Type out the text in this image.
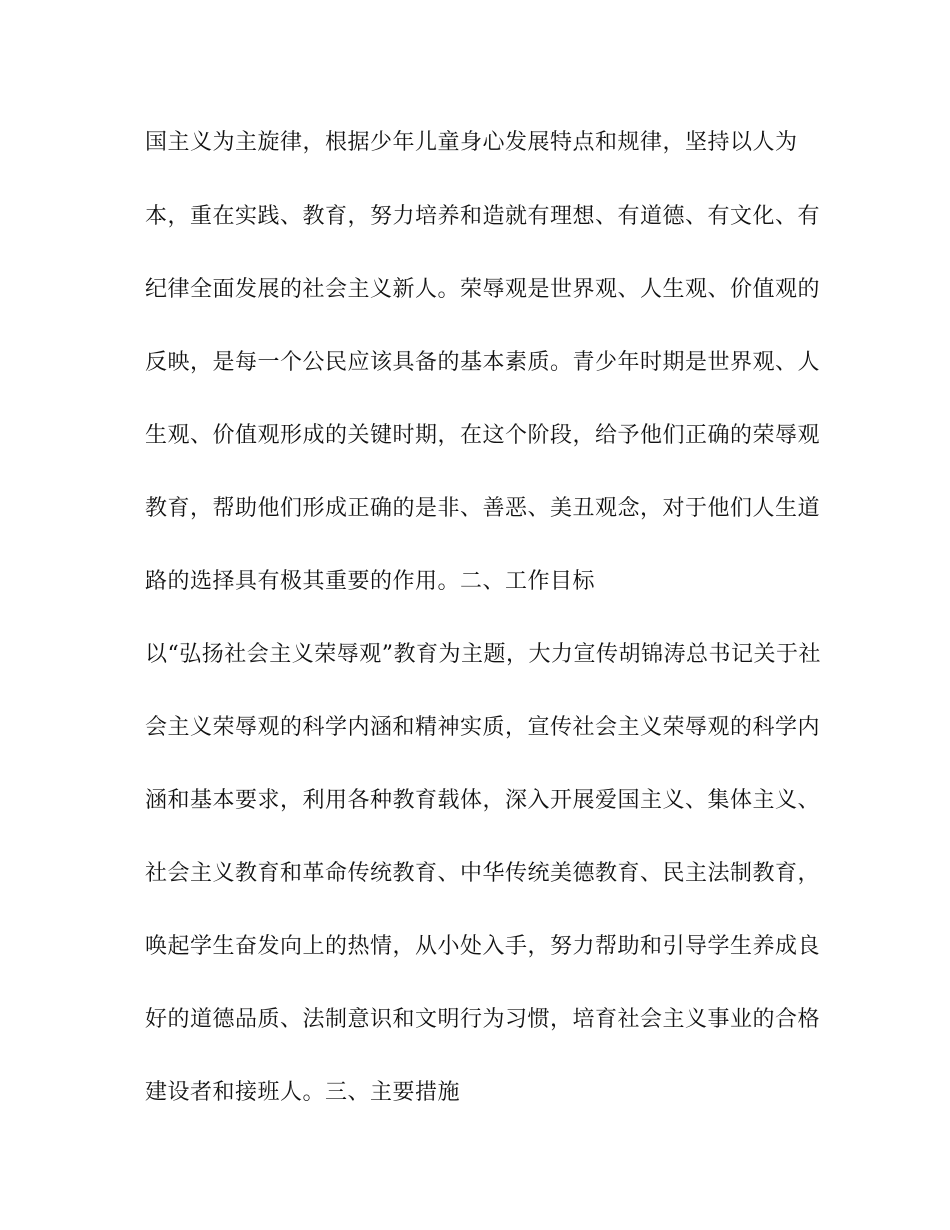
国主义为主旋律，根据少年儿童身心发展特点和规律，坚持以人为
本，重在实践、教育，努力培养和造就有理想、有道德、有文化、有
纪律全面发展的社会主义新人。荣辱观是世界观、人生观、价值观的
反映，是每一个公民应该具备的基本素质。青少年时期是世界观、人
生观、价值观形成的关键时期，在这个阶段，给予他们正确的荣辱观
教育，帮助他们形成正确的是非、善恶、美丑观念，对于他们人生道
路的选择具有极其重要的作用。二、工作目标
以“弘扬社会主义荣辱观”教育为主题，大力宣传胡锦涛总书记关于社
会主义荣辱观的科学内涵和精神实质，宣传社会主义荣辱观的科学内
涵和基本要求，利用各种教育载体，深入开展爱国主义、集体主义、
社会主义教育和革命传统教育、中华传统美德教育、民主法制教育，
唤起学生奋发向上的热情，从小处入手，努力帮助和引导学生养成良
好的道德品质、法制意识和文明行为习惯，培育社会主义事业的合格
建设者和接班人。三、主要措施
